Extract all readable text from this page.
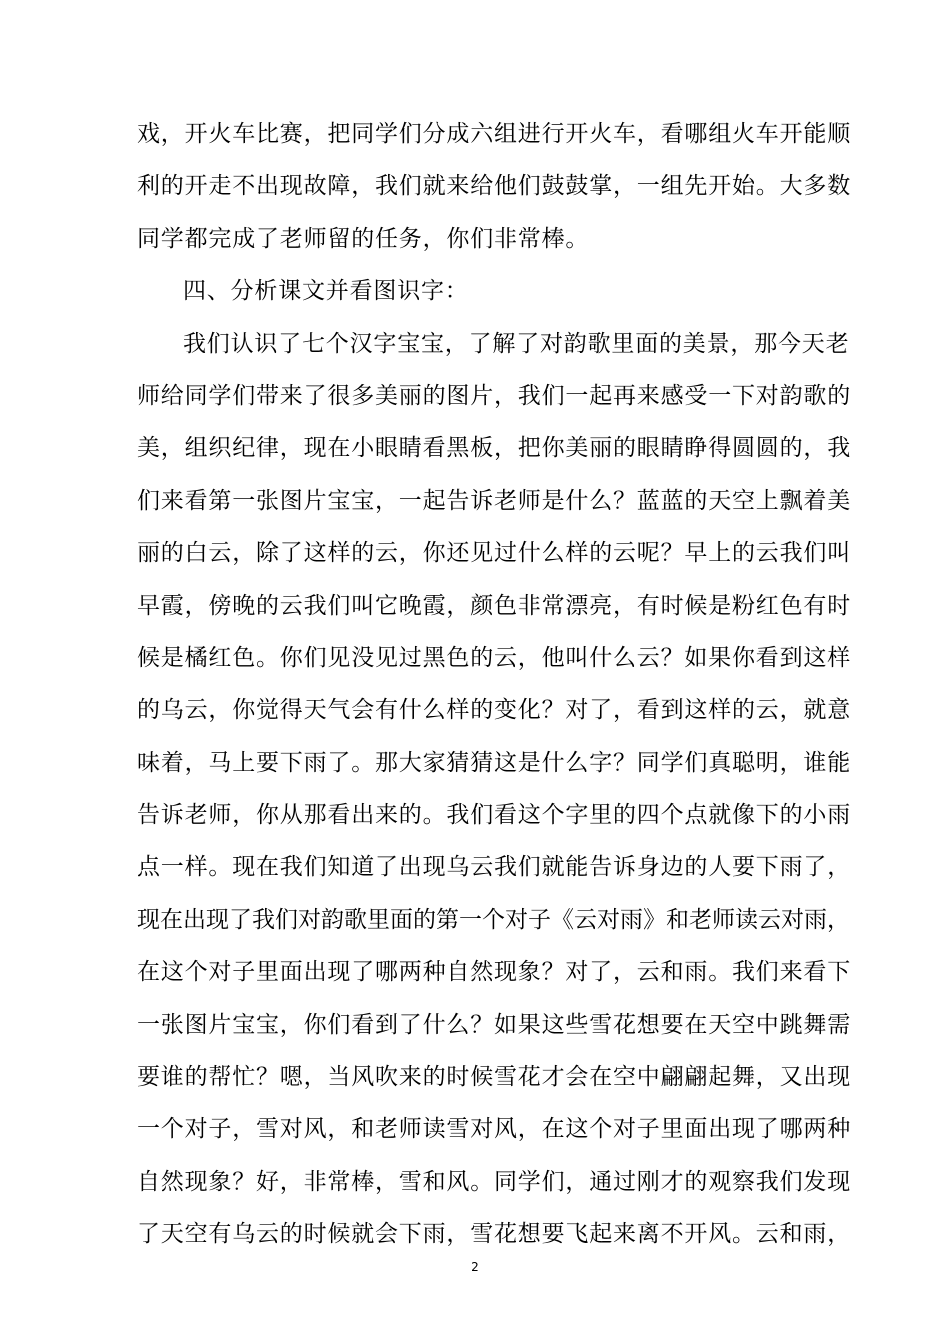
戏，开火车比赛，把同学们分成六组进行开火车，看哪组火车开能顺

利的开走不出现故障，我们就来给他们鼓鼓掌，一组先开始。大多数

同学都完成了老师留的任务，你们非常棒。

四、分析课文并看图识字：

我们认识了七个汉字宝宝，了解了对韵歌里面的美景，那今天老

师给同学们带来了很多美丽的图片，我们一起再来感受一下对韵歌的

美，组织纪律，现在小眼睛看黑板，把你美丽的眼睛睁得圆圆的，我

们来看第一张图片宝宝，一起告诉老师是什么？蓝蓝的天空上飘着美

丽的白云，除了这样的云，你还见过什么样的云呢？早上的云我们叫

早霞，傍晚的云我们叫它晚霞，颜色非常漂亮，有时候是粉红色有时

候是橘红色。你们见没见过黑色的云，他叫什么云？如果你看到这样

的乌云，你觉得天气会有什么样的变化？对了，看到这样的云，就意

味着，马上要下雨了。那大家猜猜这是什么字？同学们真聪明，谁能

告诉老师，你从那看出来的。我们看这个字里的四个点就像下的小雨

点一样。现在我们知道了出现乌云我们就能告诉身边的人要下雨了，

现在出现了我们对韵歌里面的第一个对子《云对雨》和老师读云对雨，

在这个对子里面出现了哪两种自然现象？对了，云和雨。我们来看下

一张图片宝宝，你们看到了什么？如果这些雪花想要在天空中跳舞需

要谁的帮忙？嗯，当风吹来的时候雪花才会在空中翩翩起舞，又出现

一个对子，雪对风，和老师读雪对风，在这个对子里面出现了哪两种

自然现象？好，非常棒，雪和风。同学们，通过刚才的观察我们发现

了天空有乌云的时候就会下雨，雪花想要飞起来离不开风。云和雨，

2
